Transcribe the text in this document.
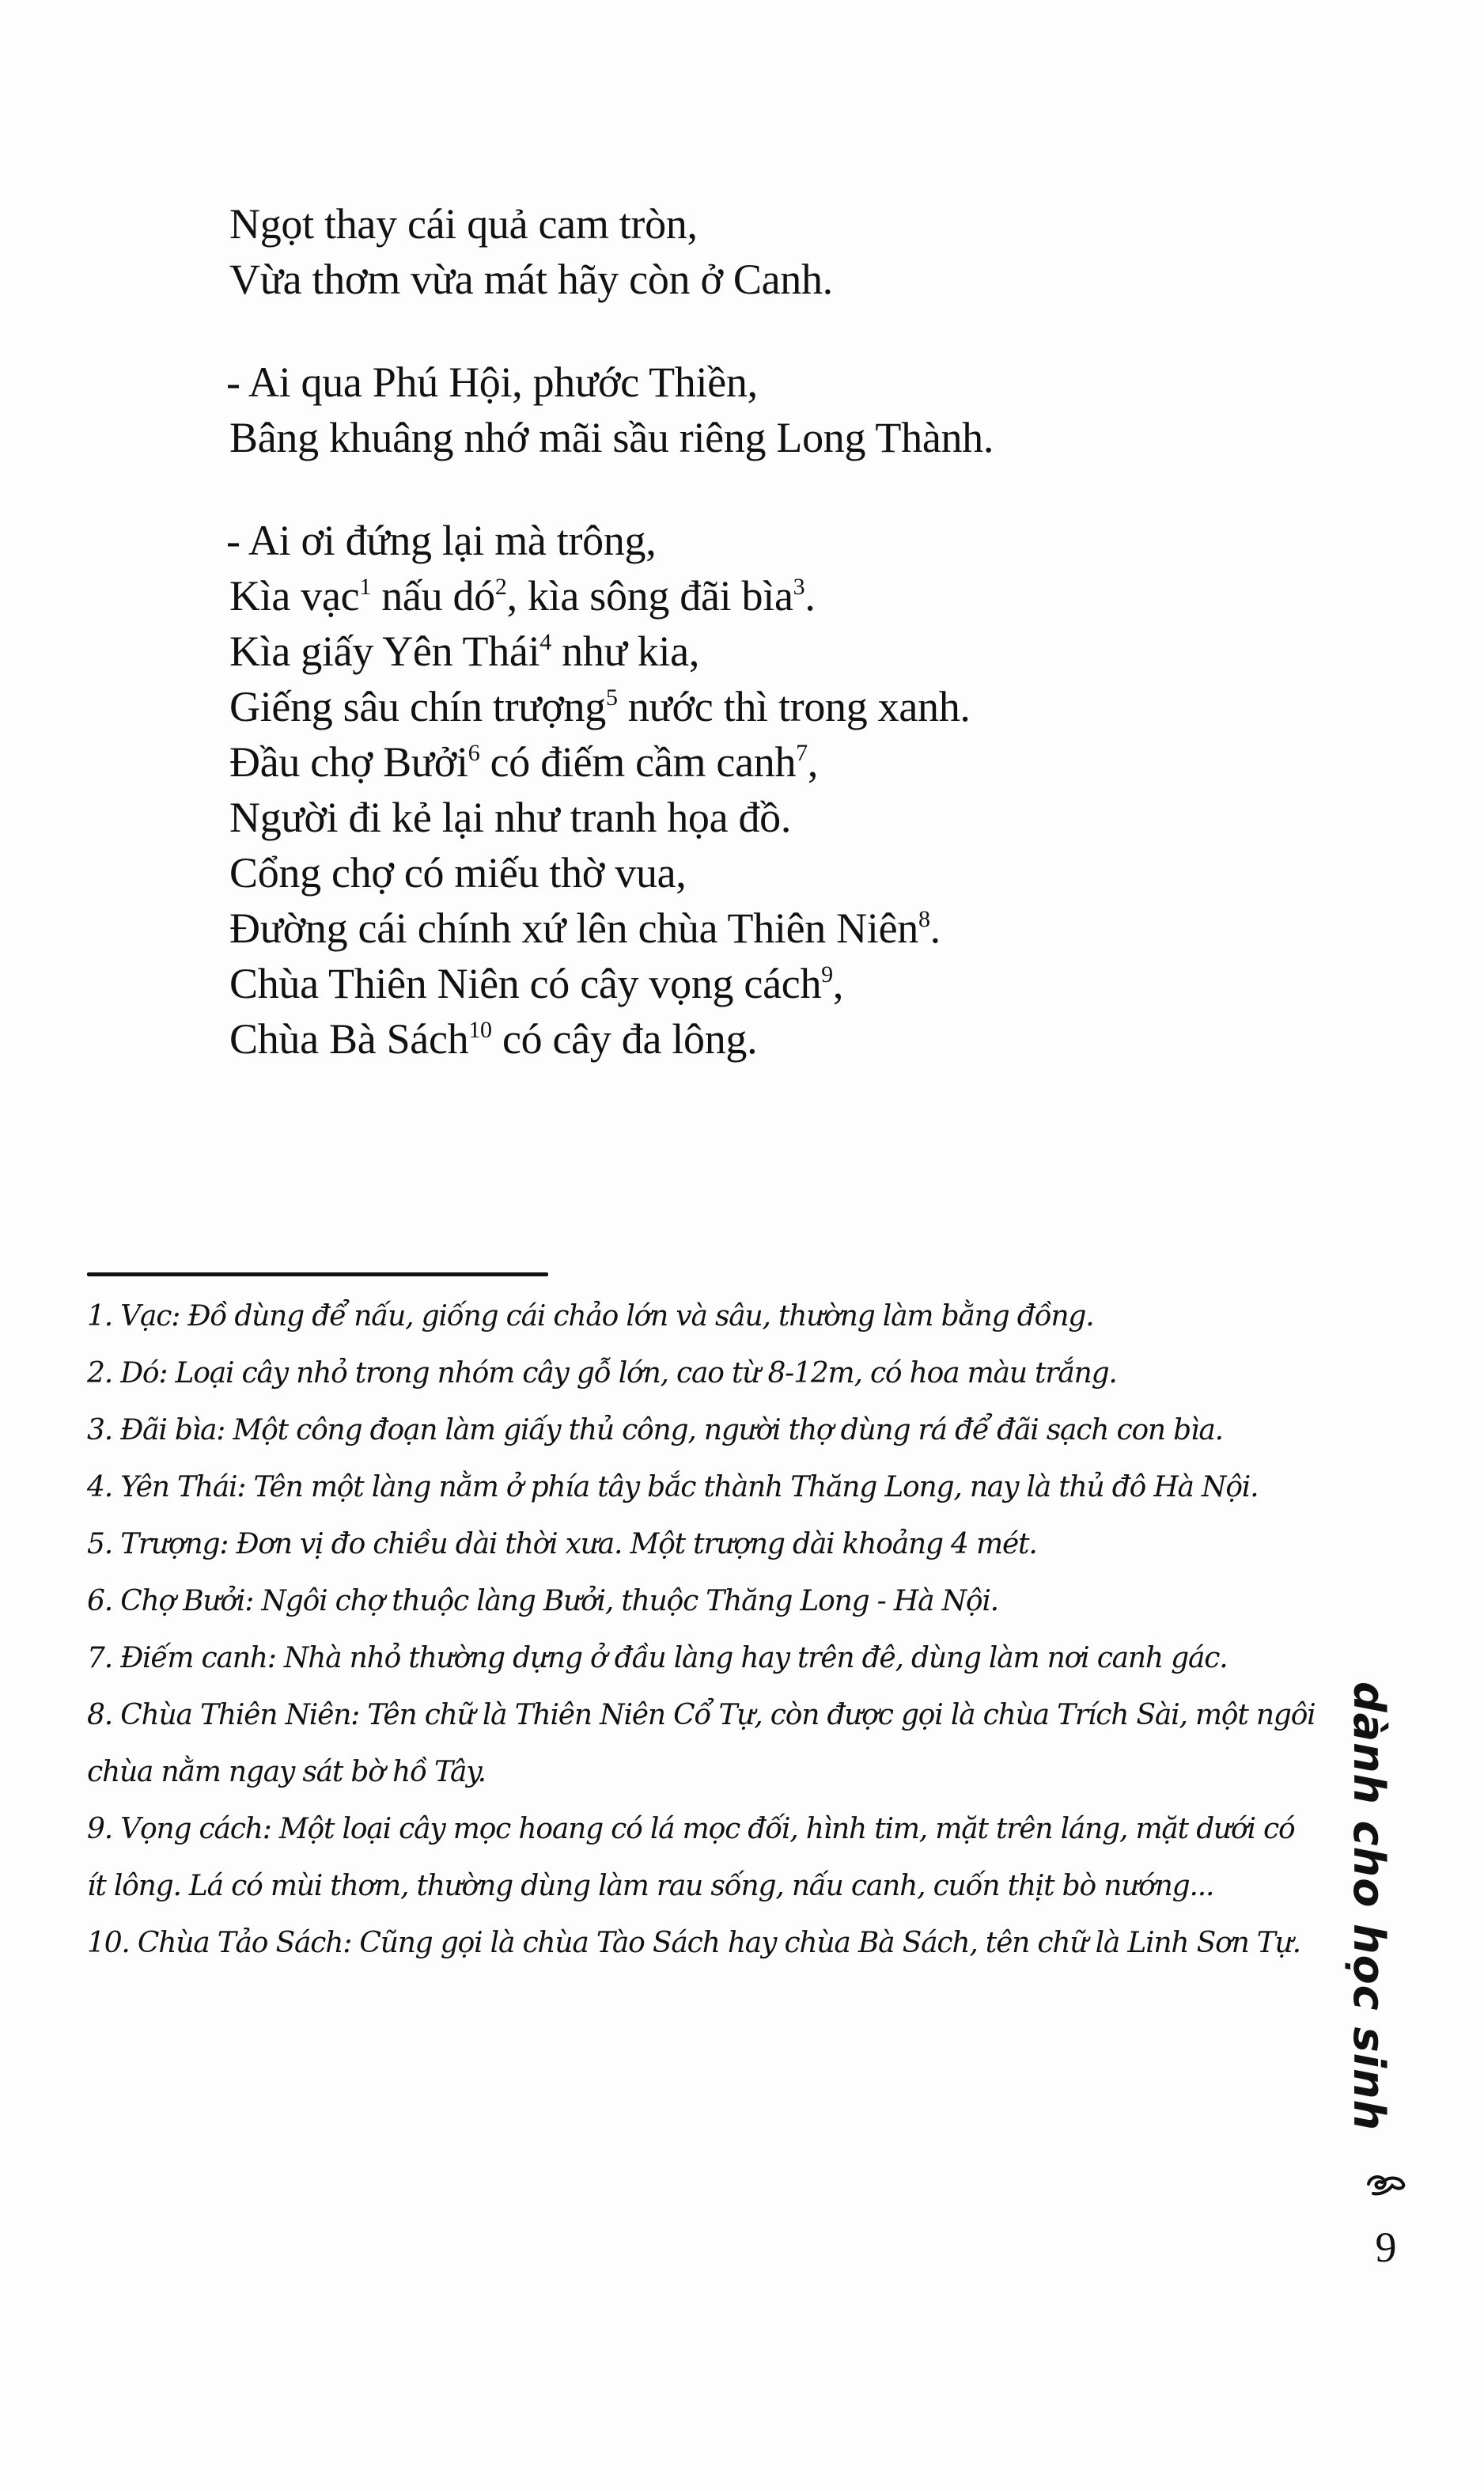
Ngọt thay cái quả cam tròn,
Vừa thơm vừa mát hãy còn ở Canh.
- Ai qua Phú Hội, phước Thiền,
Bâng khuâng nhớ mãi sầu riêng Long Thành.
- Ai ơi đứng lại mà trông,
Kìa vạc$^1$ nấu dó$^2$, kìa sông đãi bìa$^3$.
Kìa giấy Yên Thái$^4$ như kia,
Giếng sâu chín trượng$^5$ nước thì trong xanh.
Đầu chợ Bưởi$^6$ có điếm cầm canh$^7$,
Người đi kẻ lại như tranh họa đồ.
Cổng chợ có miếu thờ vua,
Đường cái chính xứ lên chùa Thiên Niên$^8$.
Chùa Thiên Niên có cây vọng cách$^9$,
Chùa Bà Sách$^{10}$ có cây đa lông.

1. Vạc: Đồ dùng để nấu, giống cái chảo lớn và sâu, thường làm bằng đồng.

2. Dó: Loại cây nhỏ trong nhóm cây gỗ lớn, cao từ 8-12m, có hoa màu trắng.

3. Đãi bìa: Một công đoạn làm giấy thủ công, người thợ dùng rá để đãi sạch con bìa.

4. Yên Thái: Tên một làng nằm ở phía tây bắc thành Thăng Long, nay là thủ đô Hà Nội.

5. Trượng: Đơn vị đo chiều dài thời xưa. Một trượng dài khoảng 4 mét.

6. Chợ Bưởi: Ngôi chợ thuộc làng Bưởi, thuộc Thăng Long - Hà Nội.

7. Điếm canh: Nhà nhỏ thường dựng ở đầu làng hay trên đê, dùng làm nơi canh gác.

8. Chùa Thiên Niên: Tên chữ là Thiên Niên Cổ Tự, còn được gọi là chùa Trích Sài, một ngôi chùa nằm ngay sát bờ hồ Tây.

9. Vọng cách: Một loại cây mọc hoang có lá mọc đối, hình tim, mặt trên láng, mặt dưới có ít lông. Lá có mùi thơm, thường dùng làm rau sống, nấu canh, cuốn thịt bò nướng...

10. Chùa Tảo Sách: Cũng gọi là chùa Tào Sách hay chùa Bà Sách, tên chữ là Linh Sơn Tự.	dành cho học sinh
9
